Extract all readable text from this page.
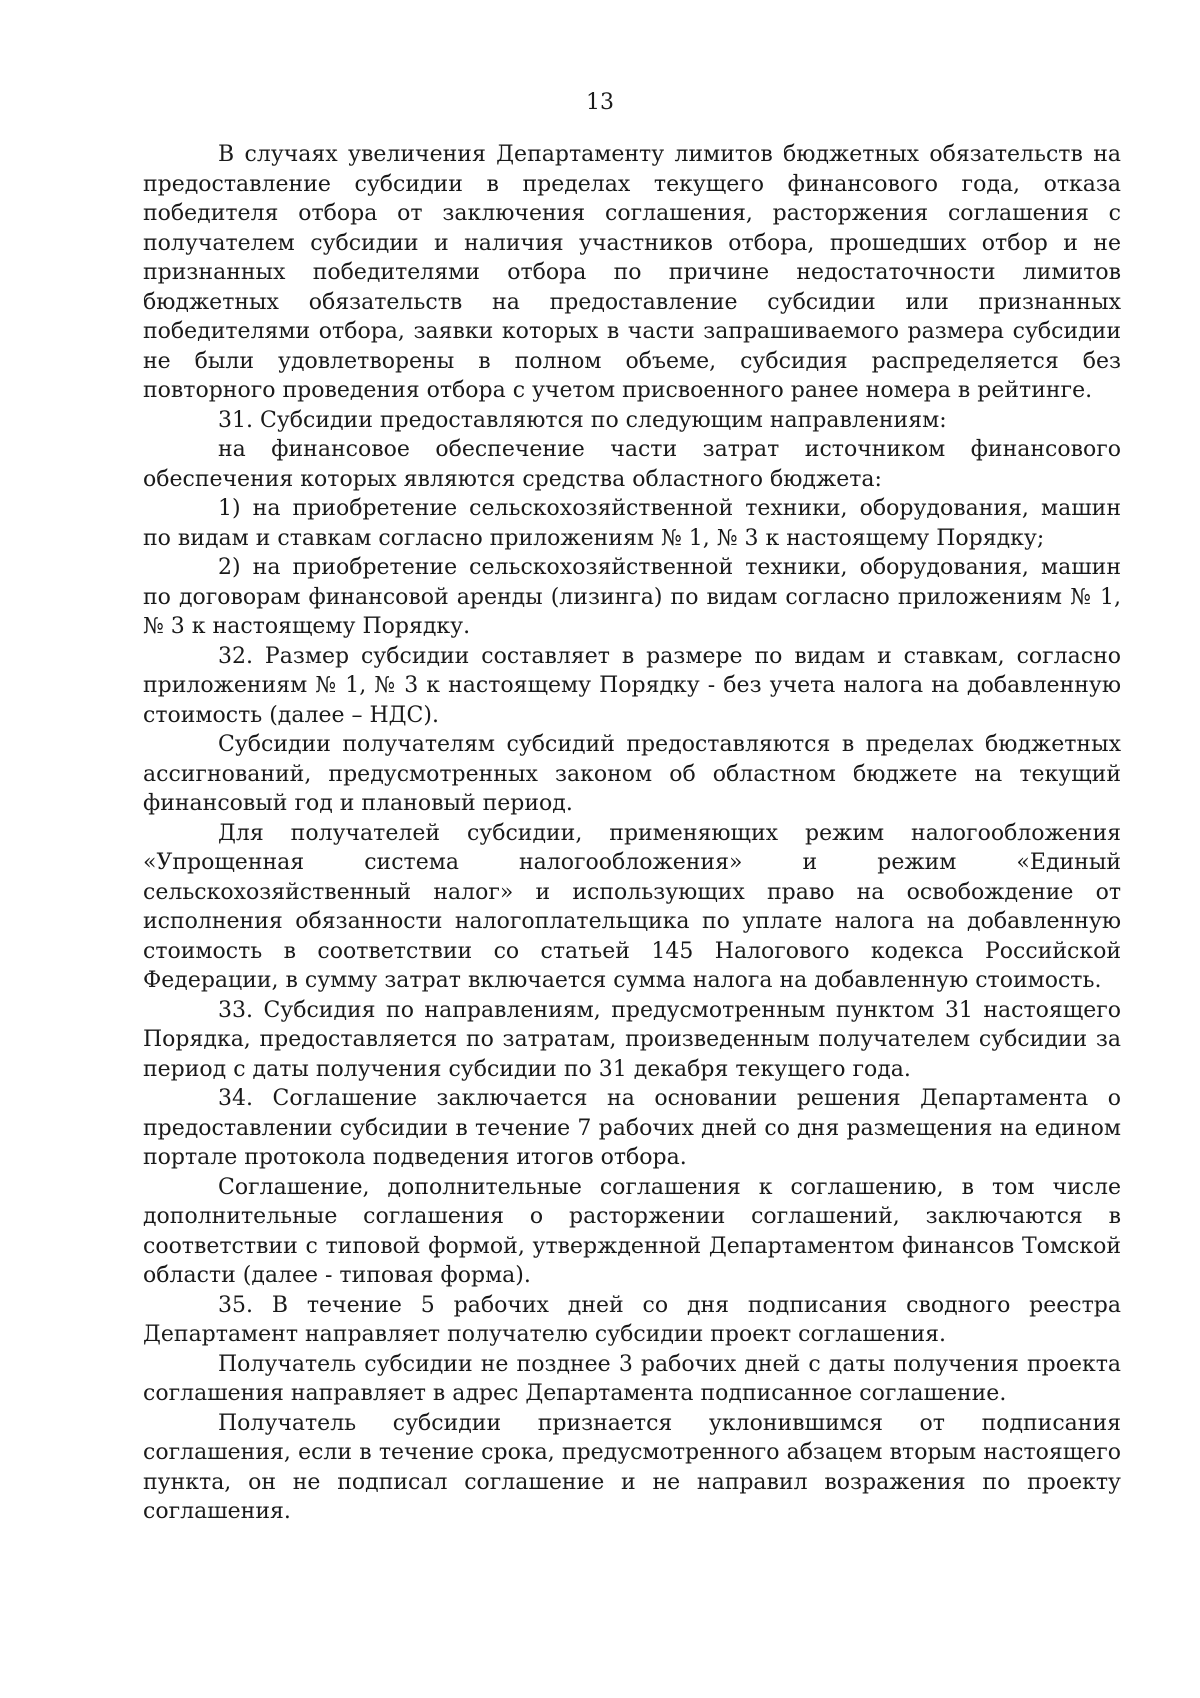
13

В случаях увеличения Департаменту лимитов бюджетных обязательств на предоставление субсидии в пределах текущего финансового года, отказа победителя отбора от заключения соглашения, расторжения соглашения с получателем субсидии и наличия участников отбора, прошедших отбор и не признанных победителями отбора по причине недостаточности лимитов бюджетных обязательств на предоставление субсидии или признанных победителями отбора, заявки которых в части запрашиваемого размера субсидии не были удовлетворены в полном объеме, субсидия распределяется без повторного проведения отбора с учетом присвоенного ранее номера в рейтинге.

31. Субсидии предоставляются по следующим направлениям:

на финансовое обеспечение части затрат источником финансового обеспечения которых являются средства областного бюджета:

1) на приобретение сельскохозяйственной техники, оборудования, машин по видам и ставкам согласно приложениям № 1, № 3 к настоящему Порядку;

2) на приобретение сельскохозяйственной техники, оборудования, машин по договорам финансовой аренды (лизинга) по видам согласно приложениям № 1, № 3 к настоящему Порядку.

32. Размер субсидии составляет в размере по видам и ставкам, согласно приложениям № 1, № 3 к настоящему Порядку - без учета налога на добавленную стоимость (далее – НДС).

Субсидии получателям субсидий предоставляются в пределах бюджетных ассигнований, предусмотренных законом об областном бюджете на текущий финансовый год и плановый период.

Для получателей субсидии, применяющих режим налогообложения «Упрощенная система налогообложения» и режим «Единый сельскохозяйственный налог» и использующих право на освобождение от исполнения обязанности налогоплательщика по уплате налога на добавленную стоимость в соответствии со статьей 145 Налогового кодекса Российской Федерации, в сумму затрат включается сумма налога на добавленную стоимость.

33. Субсидия по направлениям, предусмотренным пунктом 31 настоящего Порядка, предоставляется по затратам, произведенным получателем субсидии за период с даты получения субсидии по 31 декабря текущего года.

34. Соглашение заключается на основании решения Департамента о предоставлении субсидии в течение 7 рабочих дней со дня размещения на едином портале протокола подведения итогов отбора.

Соглашение, дополнительные соглашения к соглашению, в том числе дополнительные соглашения о расторжении соглашений, заключаются в соответствии с типовой формой, утвержденной Департаментом финансов Томской области (далее - типовая форма).

35. В течение 5 рабочих дней со дня подписания сводного реестра Департамент направляет получателю субсидии проект соглашения.

Получатель субсидии не позднее 3 рабочих дней с даты получения проекта соглашения направляет в адрес Департамента подписанное соглашение.

Получатель субсидии признается уклонившимся от подписания соглашения, если в течение срока, предусмотренного абзацем вторым настоящего пункта, он не подписал соглашение и не направил возражения по проекту соглашения.
